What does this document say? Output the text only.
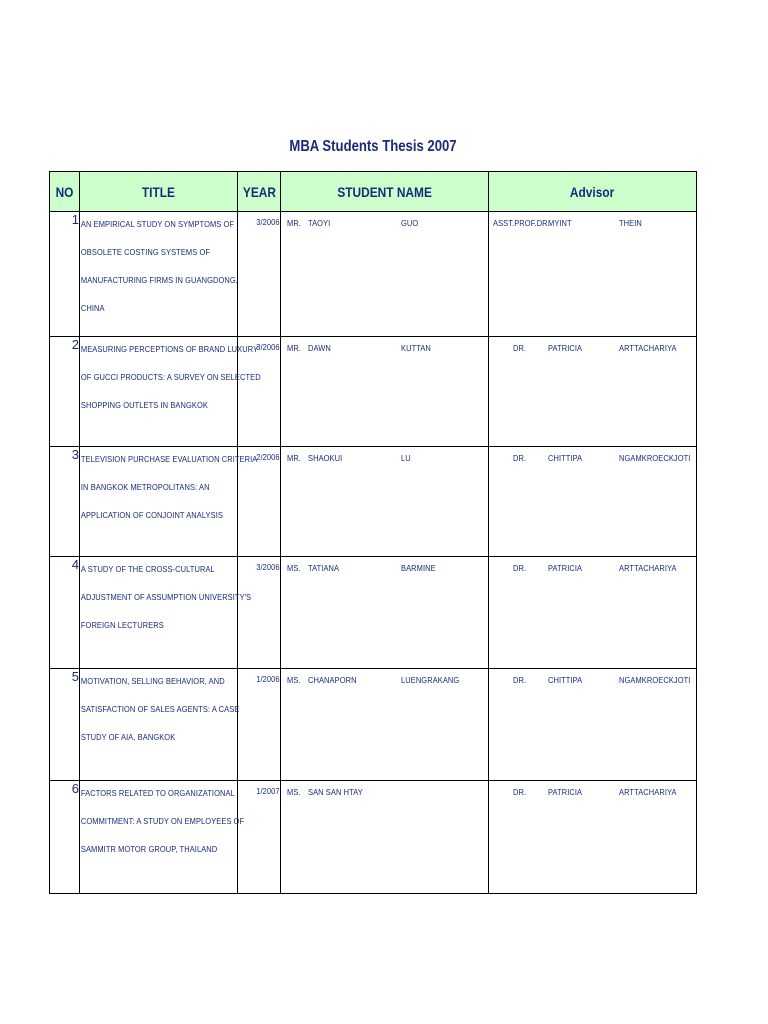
MBA Students Thesis 2007
NO	TITLE	YEAR	STUDENT NAME	Advisor
1	AN EMPIRICAL STUDY ON SYMPTOMS OF
OBSOLETE COSTING SYSTEMS OF
MANUFACTURING FIRMS IN GUANGDONG,
CHINA	3/2006	MR. TAOYI GUO	ASST.PROF.DR.
MYINT THEIN

2	MEASURING PERCEPTIONS OF BRAND LUXURY
OF GUCCI PRODUCTS: A SURVEY ON SELECTED
SHOPPING OUTLETS IN BANGKOK	3/2006	MR. DAWN KUTTAN	DR. PATRICIA ARTTACHARIYA

3	TELEVISION PURCHASE EVALUATION CRITERIA
IN BANGKOK METROPOLITANS: AN
APPLICATION OF CONJOINT ANALYSIS	2/2006	MR. SHAOKUI LU	DR. CHITTIPA NGAMKROECKJOTI

4	A STUDY OF THE CROSS-CULTURAL
ADJUSTMENT OF ASSUMPTION UNIVERSITY'S
FOREIGN LECTURERS	3/2006	MS. TATIANA BARMINE	DR. PATRICIA ARTTACHARIYA

5	MOTIVATION, SELLING BEHAVIOR, AND
SATISFACTION OF SALES AGENTS: A CASE
STUDY OF AIA, BANGKOK	1/2006	MS. CHANAPORN LUENGRAKANG	DR. CHITTIPA NGAMKROECKJOTI

6	FACTORS RELATED TO ORGANIZATIONAL
COMMITMENT: A STUDY ON EMPLOYEES OF
SAMMITR MOTOR GROUP, THAILAND	1/2007	MS. SAN SAN HTAY	DR. PATRICIA ARTTACHARIYA
